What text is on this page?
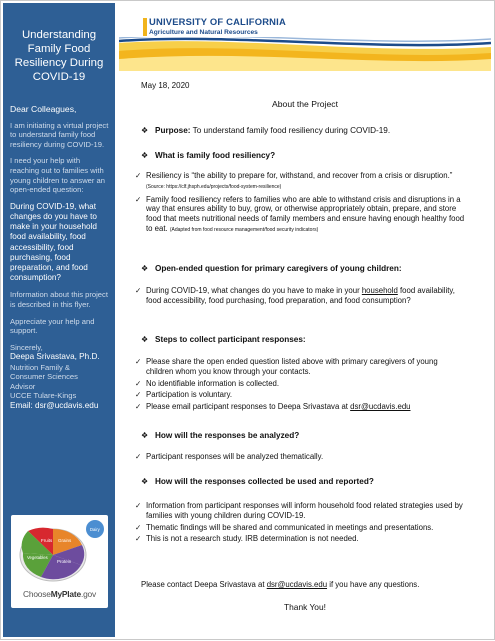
Understanding Family Food Resiliency During COVID-19
Dear Colleagues,
I am initiating a virtual project to understand family food resiliency during COVID-19.
I need your help with reaching out to families with young children to answer an open-ended question:
During COVID-19, what changes do you have to make in your household food availability, food accessibility, food purchasing, food preparation, and food consumption?
Information about this project is described in this flyer.
Appreciate your help and support.
Sincerely,
Deepa Srivastava, Ph.D.
Nutrition Family &
Consumer Sciences
Advisor
UCCE Tulare-Kings
Email: dsr@ucdavis.edu
Fruits Grains
Vegetables
Protein
Dairy
ChooseMyPlate.gov
UNIVERSITY OF CALIFORNIA
Agriculture and Natural Resources
May 18, 2020
About the Project
❖ Purpose: To understand family food resiliency during COVID-19.
❖ What is family food resiliency?
✓ Resiliency is “the ability to prepare for, withstand, and recover from a crisis or disruption.” (Source: https://clf.jhsph.edu/projects/food-system-resilience)
✓ Family food resiliency refers to families who are able to withstand crisis and disruptions in a way that ensures ability to buy, grow, or otherwise appropriately obtain, prepare, and store food that meets nutritional needs of family members and ensure having enough healthy food to eat. (Adapted from food resource management/food security indicators)
❖ Open-ended question for primary caregivers of young children:
✓ During COVID-19, what changes do you have to make in your household food availability, food accessibility, food purchasing, food preparation, and food consumption?
❖ Steps to collect participant responses:
✓ Please share the open ended question listed above with primary caregivers of young children whom you know through your contacts.
✓ No identifiable information is collected.
✓ Participation is voluntary.
✓ Please email participant responses to Deepa Srivastava at dsr@ucdavis.edu
❖ How will the responses be analyzed?
✓ Participant responses will be analyzed thematically.
❖ How will the responses collected be used and reported?
✓ Information from participant responses will inform household food related strategies used by families with young children during COVID-19.
✓ Thematic findings will be shared and communicated in meetings and presentations.
✓ This is not a research study. IRB determination is not needed.
Please contact Deepa Srivastava at dsr@ucdavis.edu if you have any questions.
Thank You!
